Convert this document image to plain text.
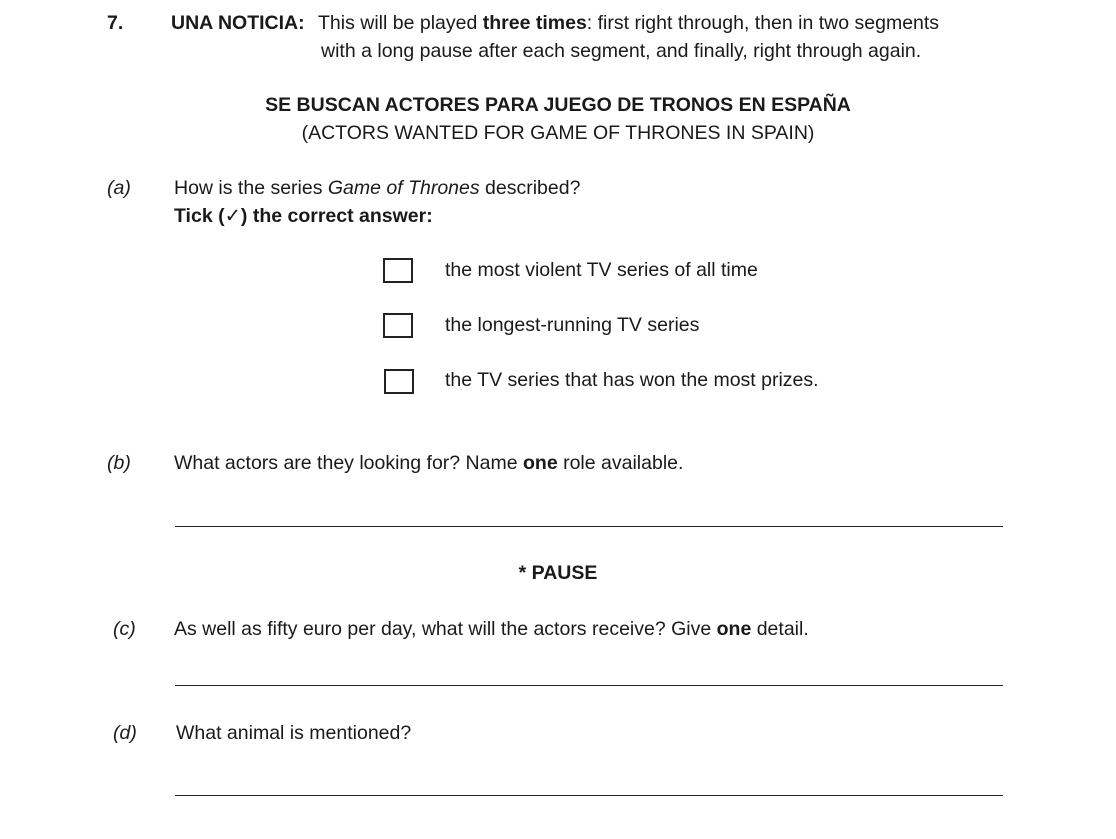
7. UNA NOTICIA: This will be played three times: first right through, then in two segments
with a long pause after each segment, and finally, right through again.
SE BUSCAN ACTORES PARA JUEGO DE TRONOS EN ESPAÑA
(ACTORS WANTED FOR GAME OF THRONES IN SPAIN)
(a) How is the series Game of Thrones described?
Tick (✓) the correct answer:
the most violent TV series of all time
the longest-running TV series
the TV series that has won the most prizes.
(b) What actors are they looking for? Name one role available.
* PAUSE
(c) As well as fifty euro per day, what will the actors receive? Give one detail.
(d) What animal is mentioned?
